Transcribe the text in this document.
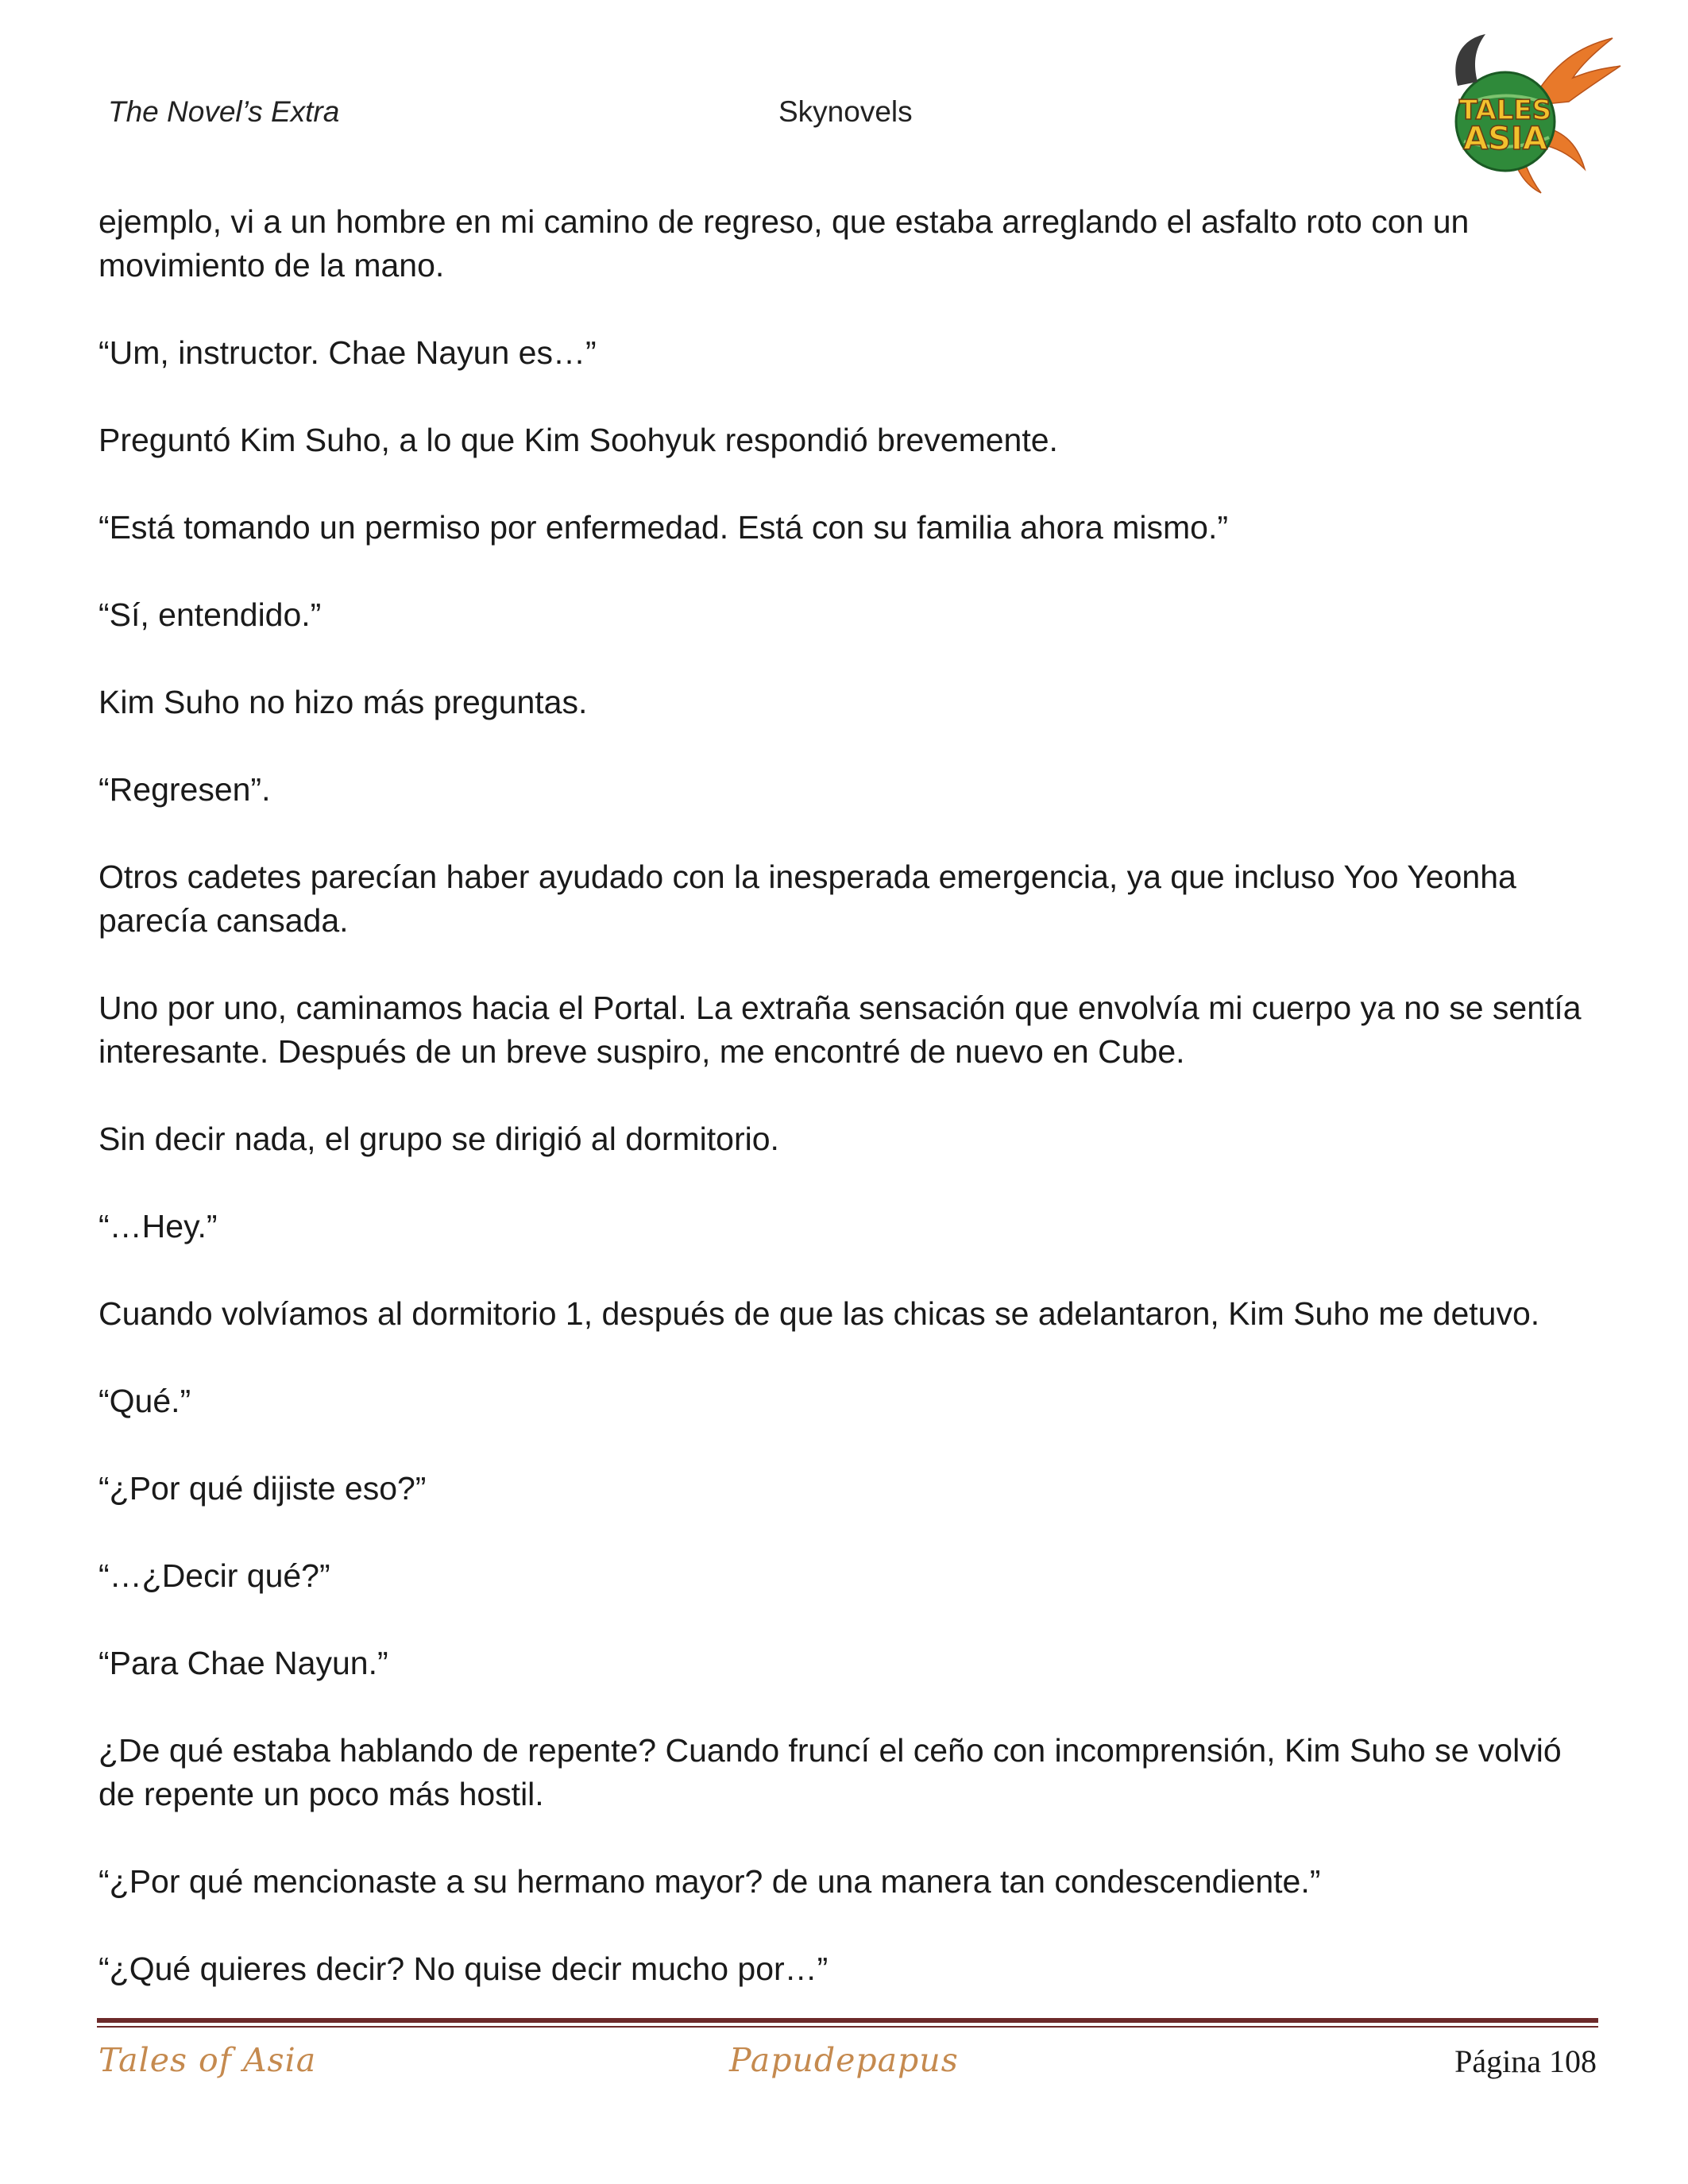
The Novel’s Extra	Skynovels	TALES
ASIA

ejemplo, vi a un hombre en mi camino de regreso, que estaba arreglando el asfalto roto con un movimiento de la mano.

“Um, instructor. Chae Nayun es…”

Preguntó Kim Suho, a lo que Kim Soohyuk respondió brevemente.

“Está tomando un permiso por enfermedad. Está con su familia ahora mismo.”

“Sí, entendido.”

Kim Suho no hizo más preguntas.

“Regresen”.

Otros cadetes parecían haber ayudado con la inesperada emergencia, ya que incluso Yoo Yeonha parecía cansada.

Uno por uno, caminamos hacia el Portal. La extraña sensación que envolvía mi cuerpo ya no se sentía interesante. Después de un breve suspiro, me encontré de nuevo en Cube.

Sin decir nada, el grupo se dirigió al dormitorio.

“…Hey.”

Cuando volvíamos al dormitorio 1, después de que las chicas se adelantaron, Kim Suho me detuvo.

“Qué.”

“¿Por qué dijiste eso?”

“…¿Decir qué?”

“Para Chae Nayun.”

¿De qué estaba hablando de repente? Cuando fruncí el ceño con incomprensión, Kim Suho se volvió de repente un poco más hostil.

“¿Por qué mencionaste a su hermano mayor? de una manera tan condescendiente.”

“¿Qué quieres decir? No quise decir mucho por…”

Tales of Asia	Papudepapus	Página 108
